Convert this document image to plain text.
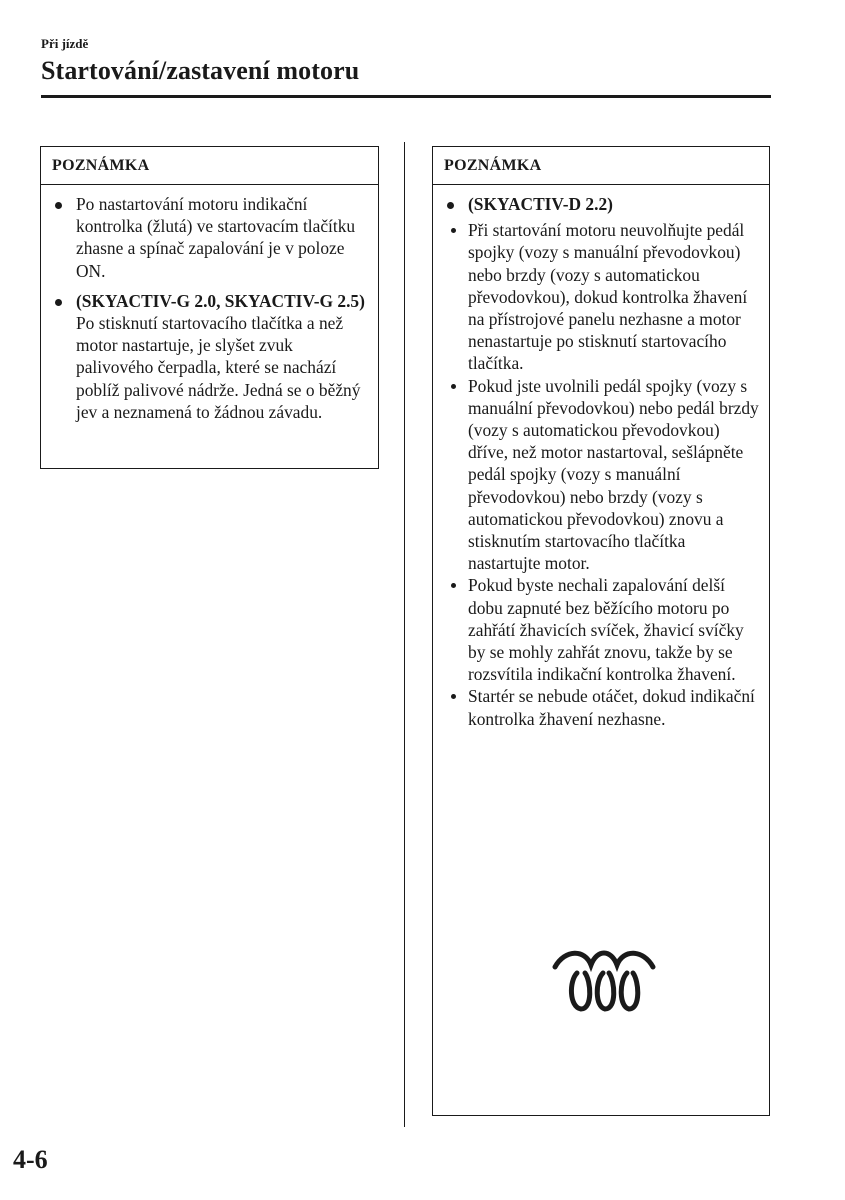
Při jízdě
Startování/zastavení motoru
POZNÁMKA
Po nastartování motoru indikační kontrolka (žlutá) ve startovacím tlačítku zhasne a spínač zapalování je v poloze ON.
(SKYACTIV-G 2.0, SKYACTIV-G 2.5)
Po stisknutí startovacího tlačítka a než motor nastartuje, je slyšet zvuk palivového čerpadla, které se nachází poblíž palivové nádrže. Jedná se o běžný jev a neznamená to žádnou závadu.
POZNÁMKA
(SKYACTIV-D 2.2)
Při startování motoru neuvolňujte pedál spojky (vozy s manuální převodovkou) nebo brzdy (vozy s automatickou převodovkou), dokud kontrolka žhavení na přístrojové panelu nezhasne a motor nenastartuje po stisknutí startovacího tlačítka.
Pokud jste uvolnili pedál spojky (vozy s manuální převodovkou) nebo pedál brzdy (vozy s automatickou převodovkou) dříve, než motor nastartoval, sešlápněte pedál spojky (vozy s manuální převodovkou) nebo brzdy (vozy s automatickou převodovkou) znovu a stisknutím startovacího tlačítka nastartujte motor.
Pokud byste nechali zapalování delší dobu zapnuté bez běžícího motoru po zahřátí žhavicích svíček, žhavicí svíčky by se mohly zahřát znovu, takže by se rozsvítila indikační kontrolka žhavení.
Startér se nebude otáčet, dokud indikační kontrolka žhavení nezhasne.
4-6
